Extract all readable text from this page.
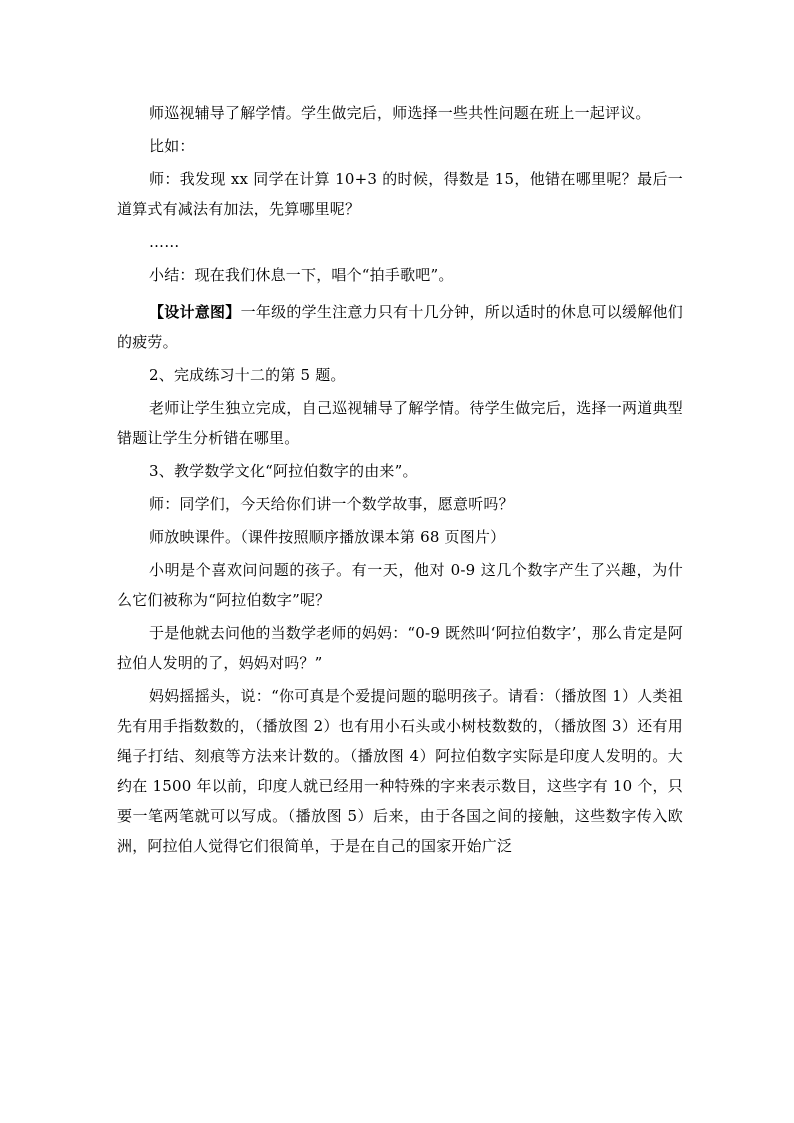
师巡视辅导了解学情。学生做完后，师选择一些共性问题在班上一起评议。

比如：

师：我发现 xx 同学在计算 10+3 的时候，得数是 15，他错在哪里呢？最后一道算式有减法有加法，先算哪里呢？

……

小结：现在我们休息一下，唱个“拍手歌吧”。

【设计意图】一年级的学生注意力只有十几分钟，所以适时的休息可以缓解他们的疲劳。

2、完成练习十二的第 5 题。

老师让学生独立完成，自己巡视辅导了解学情。待学生做完后，选择一两道典型错题让学生分析错在哪里。

3、教学数学文化“阿拉伯数字的由来”。

师：同学们，今天给你们讲一个数学故事，愿意听吗？

师放映课件。（课件按照顺序播放课本第 68 页图片）

小明是个喜欢问问题的孩子。有一天，他对 0-9 这几个数字产生了兴趣，为什么它们被称为“阿拉伯数字”呢？

于是他就去问他的当数学老师的妈妈：“0-9 既然叫‘阿拉伯数字’，那么肯定是阿拉伯人发明的了，妈妈对吗？”

妈妈摇摇头，说：“你可真是个爱提问题的聪明孩子。请看：（播放图 1）人类祖先有用手指数数的，（播放图 2）也有用小石头或小树枝数数的，（播放图 3）还有用绳子打结、刻痕等方法来计数的。（播放图 4）阿拉伯数字实际是印度人发明的。大约在 1500 年以前，印度人就已经用一种特殊的字来表示数目，这些字有 10 个，只要一笔两笔就可以写成。（播放图 5）后来，由于各国之间的接触，这些数字传入欧洲，阿拉伯人觉得它们很简单，于是在自己的国家开始广泛
